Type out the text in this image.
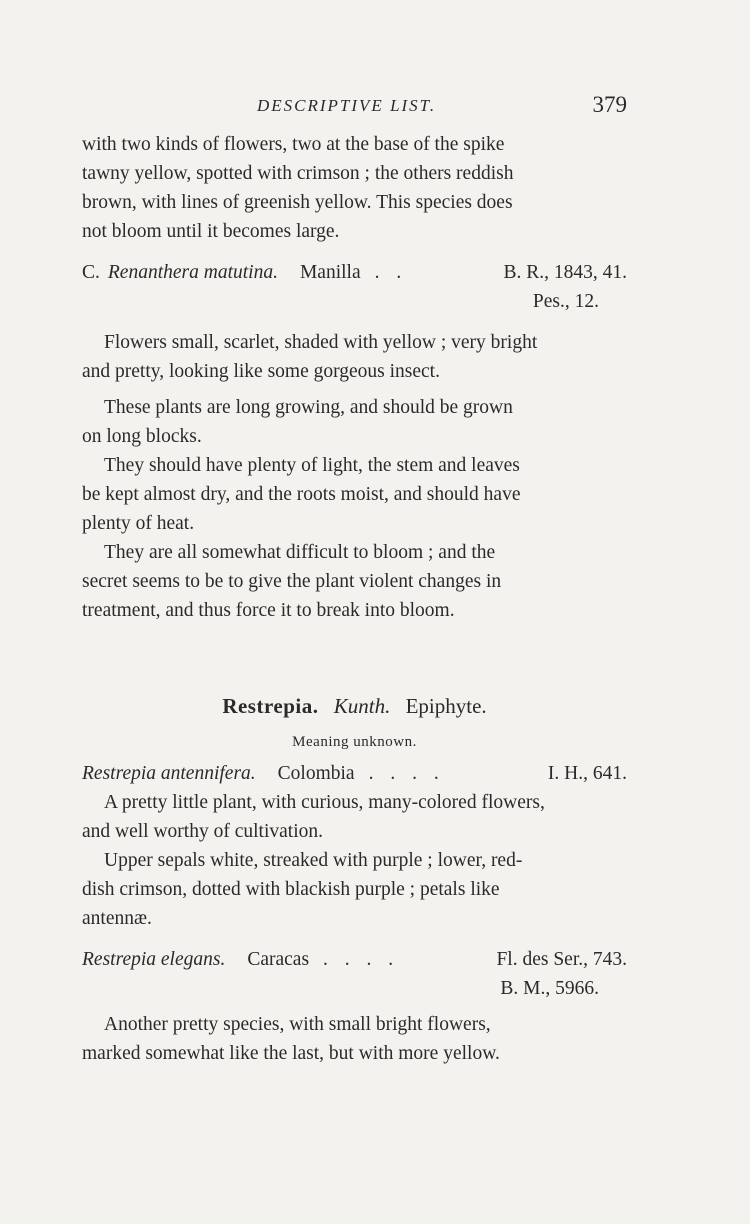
DESCRIPTIVE LIST.	379

with two kinds of flowers, two at the base of the spike
tawny yellow, spotted with crimson ; the others reddish
brown, with lines of greenish yellow. This species does
not bloom until it becomes large.

C. Renanthera matutina. Manilla . .	B. R., 1843, 41.
Pes., 12.

Flowers small, scarlet, shaded with yellow ; very bright
and pretty, looking like some gorgeous insect.

These plants are long growing, and should be grown
on long blocks.

They should have plenty of light, the stem and leaves
be kept almost dry, and the roots moist, and should have
plenty of heat.

They are all somewhat difficult to bloom ; and the
secret seems to be to give the plant violent changes in
treatment, and thus force it to break into bloom.

Restrepia. Kunth. Epiphyte.
Meaning unknown.
Restrepia antennifera. Colombia . . . .	I. H., 641.

A pretty little plant, with curious, many-colored flowers,
and well worthy of cultivation.

Upper sepals white, streaked with purple ; lower, red-
dish crimson, dotted with blackish purple ; petals like
antennæ.

Restrepia elegans. Caracas . . . .	Fl. des Ser., 743.
B. M., 5966.

Another pretty species, with small bright flowers,
marked somewhat like the last, but with more yellow.
